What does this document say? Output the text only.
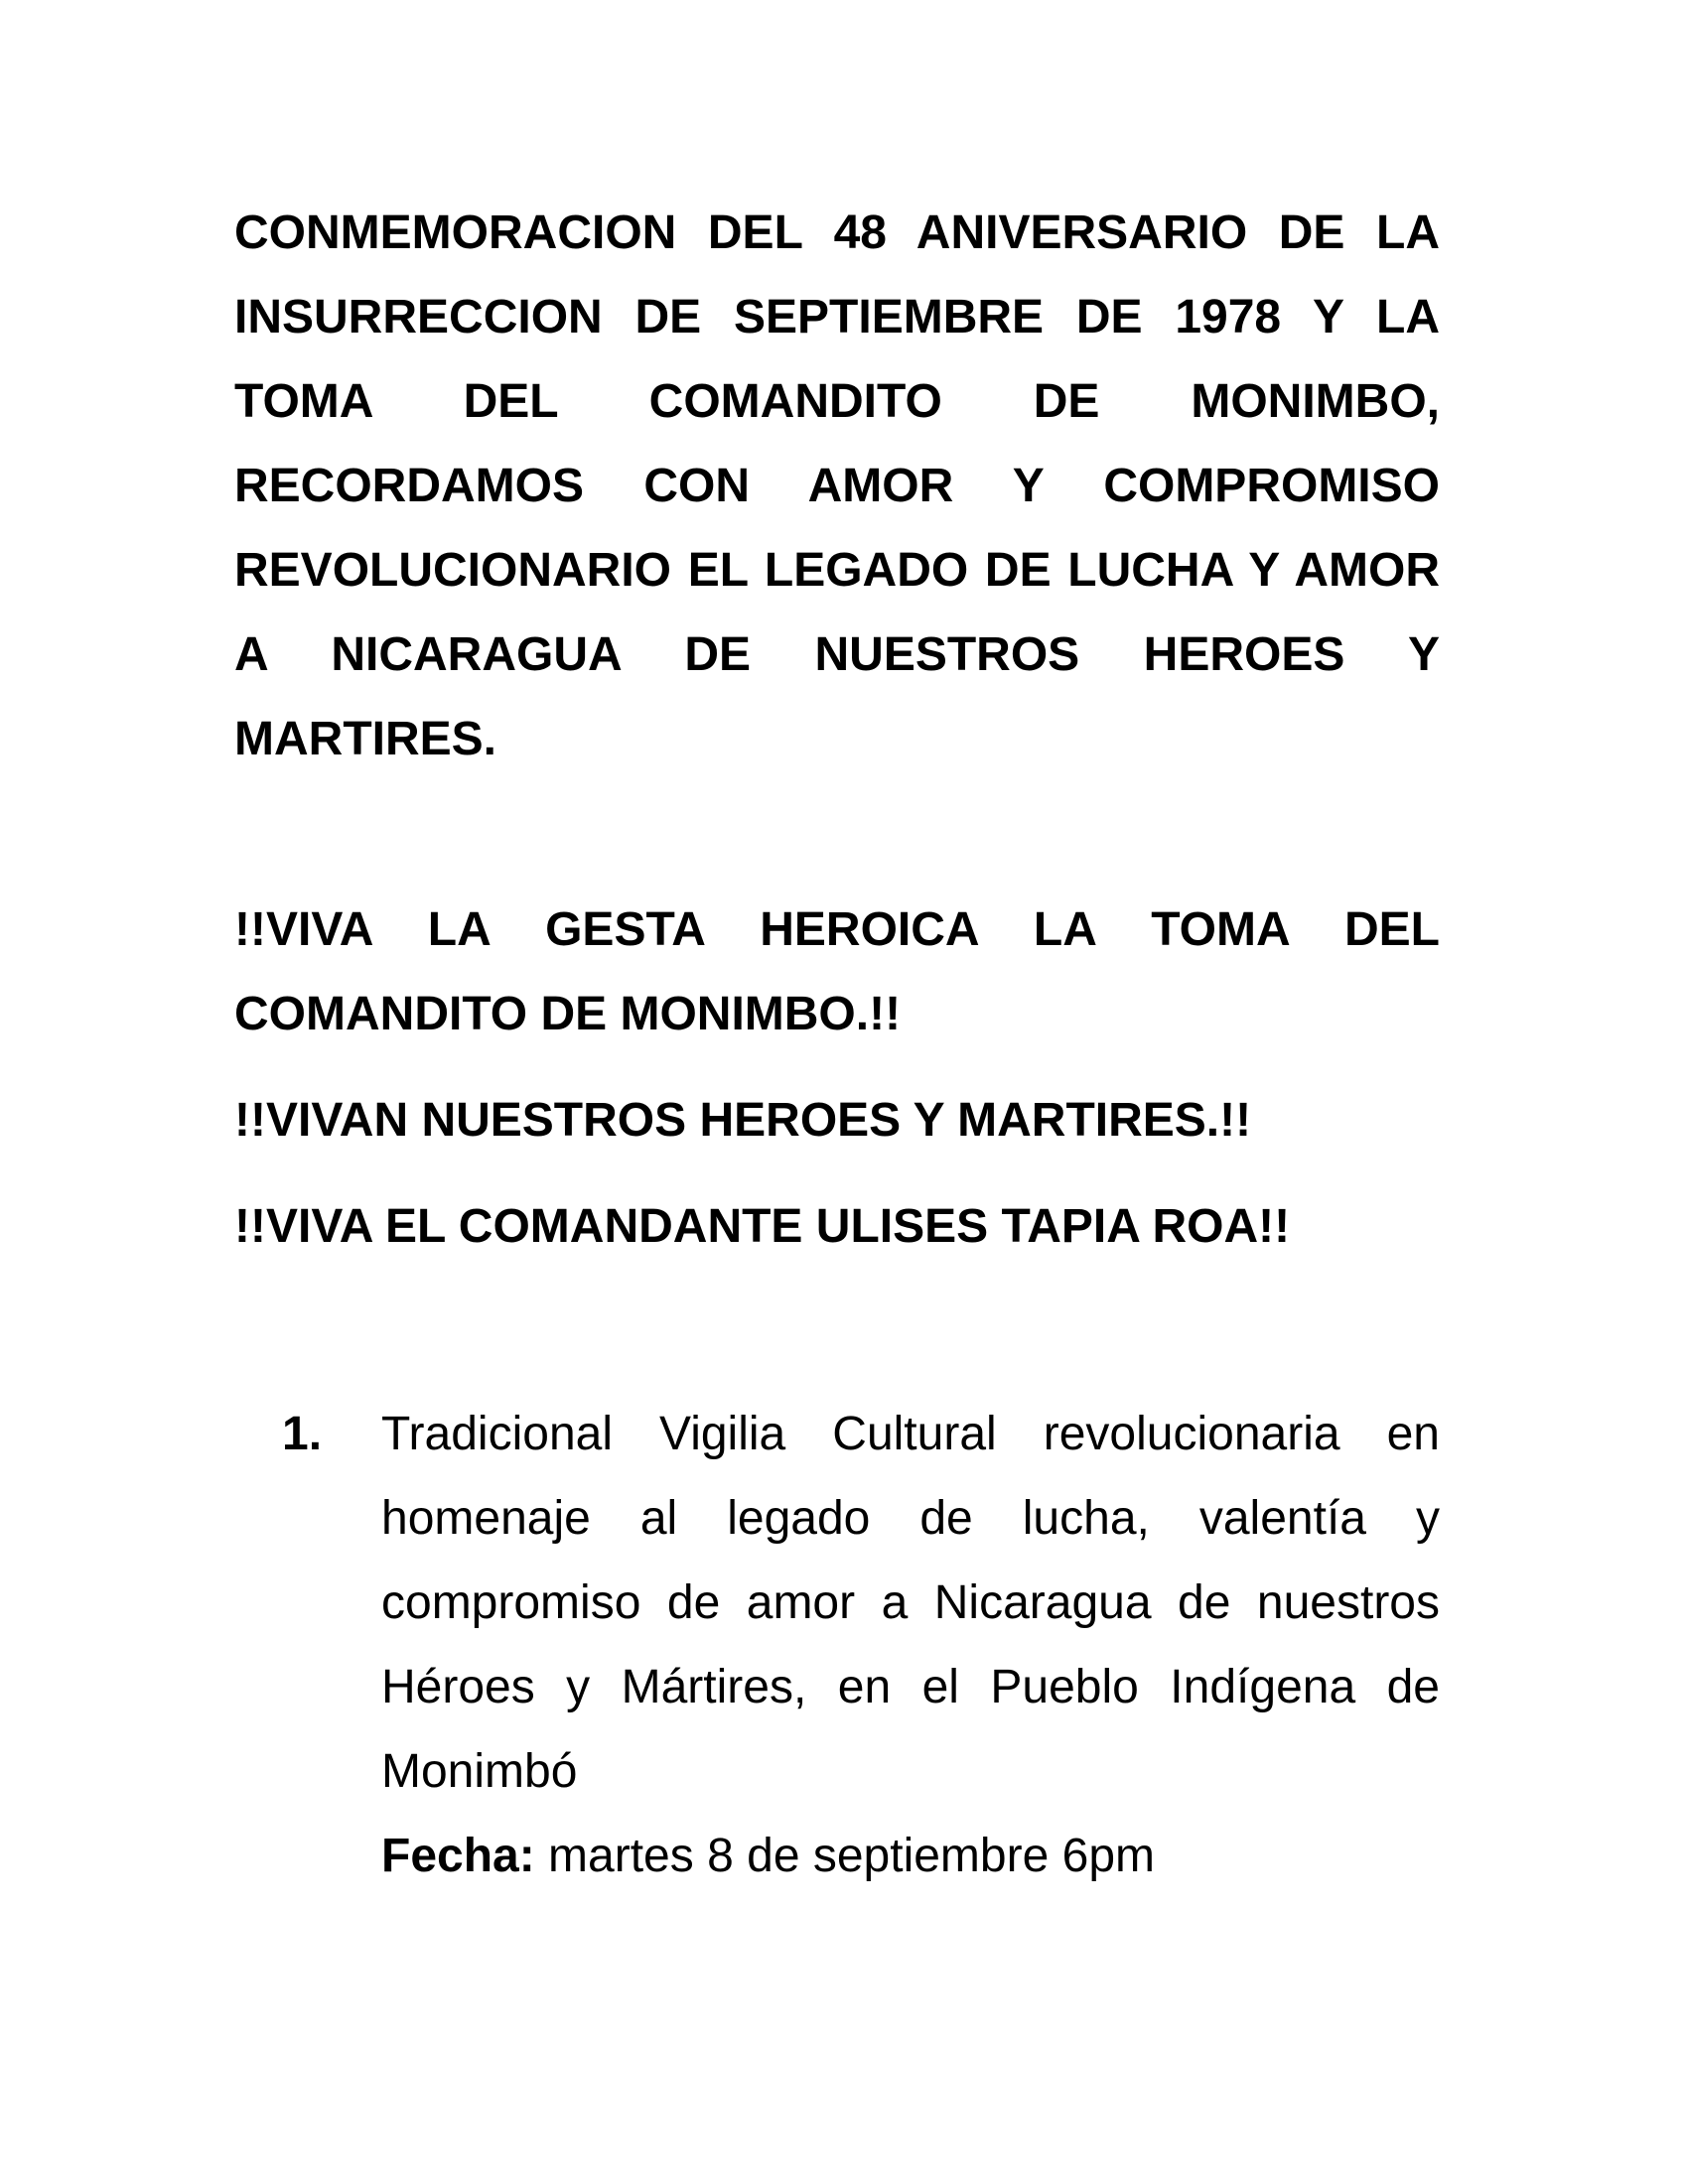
CONMEMORACION DEL 48 ANIVERSARIO DE LA INSURRECCION DE SEPTIEMBRE DE 1978 Y LA TOMA DEL COMANDITO DE MONIMBO, RECORDAMOS CON AMOR Y COMPROMISO REVOLUCIONARIO EL LEGADO DE LUCHA Y AMOR A NICARAGUA DE NUESTROS HEROES Y MARTIRES.

!!VIVA LA GESTA HEROICA LA TOMA DEL COMANDITO DE MONIMBO.!!

!!VIVAN NUESTROS HEROES Y MARTIRES.!!

!!VIVA EL COMANDANTE ULISES TAPIA ROA!!

1. Tradicional Vigilia Cultural revolucionaria en homenaje al legado de lucha, valentía y compromiso de amor a Nicaragua de nuestros Héroes y Mártires, en el Pueblo Indígena de Monimbó

Fecha: martes 8 de septiembre 6pm
